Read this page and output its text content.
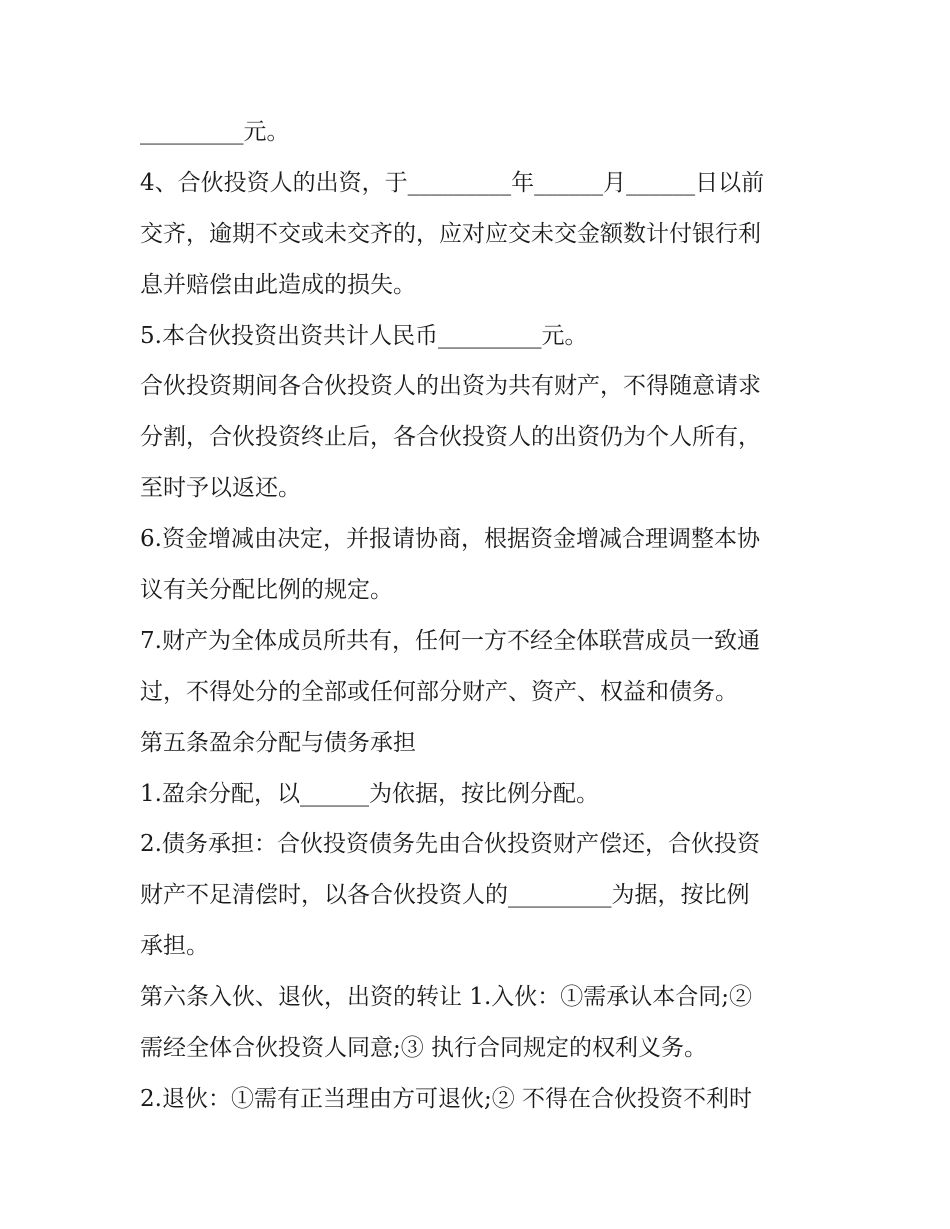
_________元。
4、合伙投资人的出资，于_________年______月______日以前
交齐，逾期不交或未交齐的，应对应交未交金额数计付银行利
息并赔偿由此造成的损失。
5.本合伙投资出资共计人民币_________元。
合伙投资期间各合伙投资人的出资为共有财产，不得随意请求
分割，合伙投资终止后，各合伙投资人的出资仍为个人所有，
至时予以返还。
6.资金增减由决定，并报请协商，根据资金增减合理调整本协
议有关分配比例的规定。
7.财产为全体成员所共有，任何一方不经全体联营成员一致通
过，不得处分的全部或任何部分财产、资产、权益和债务。
第五条盈余分配与债务承担
1.盈余分配，以______为依据，按比例分配。
2.债务承担：合伙投资债务先由合伙投资财产偿还，合伙投资
财产不足清偿时，以各合伙投资人的_________为据，按比例
承担。
第六条入伙、退伙，出资的转让 1.入伙：①需承认本合同;②
需经全体合伙投资人同意;③ 执行合同规定的权利义务。
2.退伙：①需有正当理由方可退伙;② 不得在合伙投资不利时
